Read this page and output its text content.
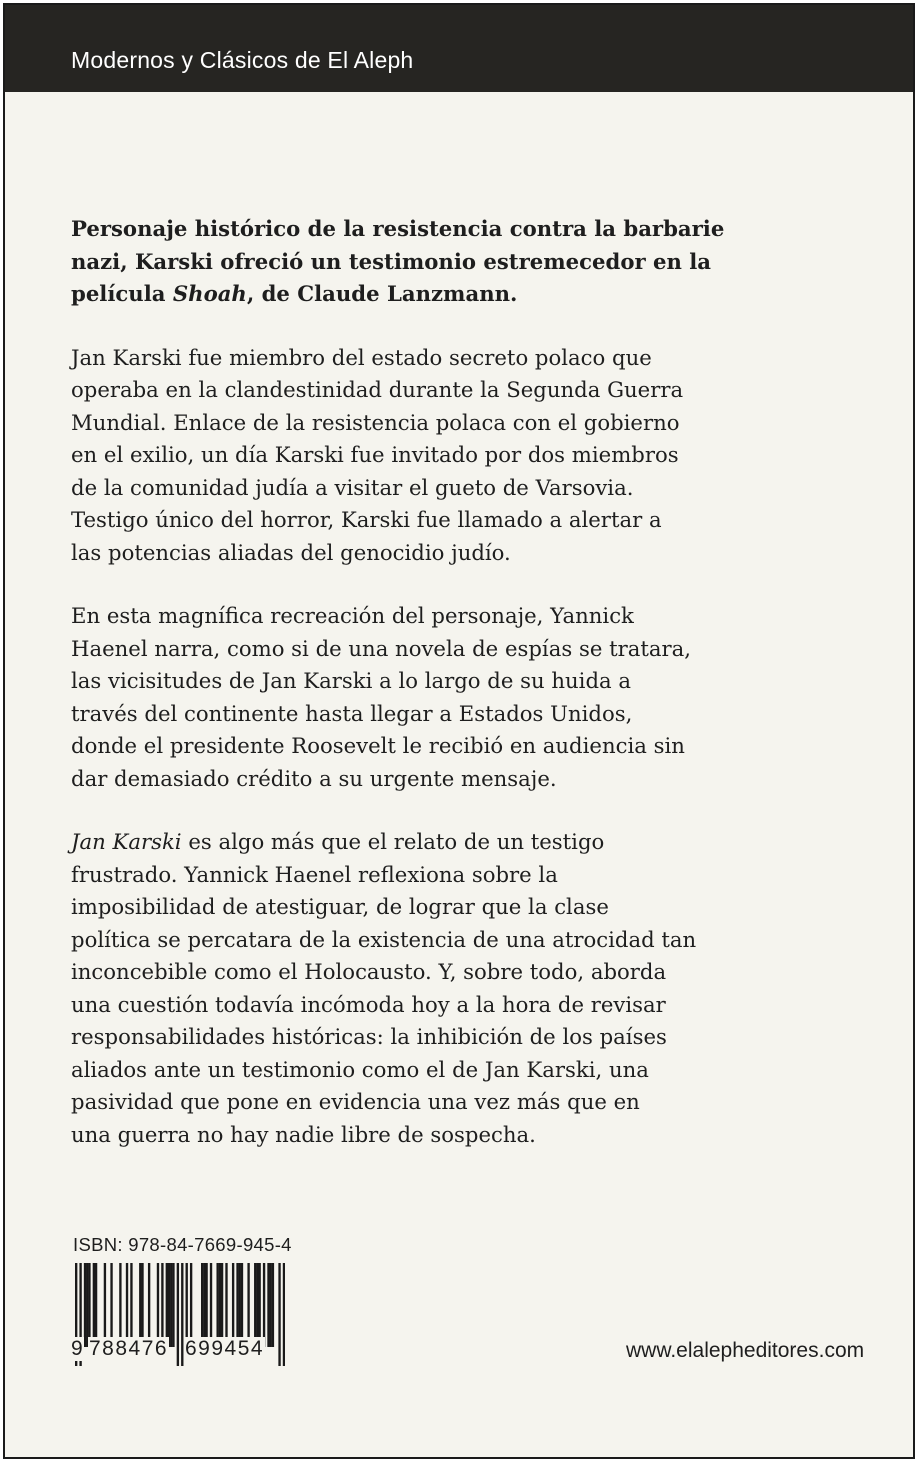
Modernos y Clásicos de El Aleph

Personaje histórico de la resistencia contra la barbarie
nazi, Karski ofreció un testimonio estremecedor en la
película Shoah, de Claude Lanzmann.

Jan Karski fue miembro del estado secreto polaco que
operaba en la clandestinidad durante la Segunda Guerra
Mundial. Enlace de la resistencia polaca con el gobierno
en el exilio, un día Karski fue invitado por dos miembros
de la comunidad judía a visitar el gueto de Varsovia.
Testigo único del horror, Karski fue llamado a alertar a
las potencias aliadas del genocidio judío.

En esta magnífica recreación del personaje, Yannick
Haenel narra, como si de una novela de espías se tratara,
las vicisitudes de Jan Karski a lo largo de su huida a
través del continente hasta llegar a Estados Unidos,
donde el presidente Roosevelt le recibió en audiencia sin
dar demasiado crédito a su urgente mensaje.

Jan Karski es algo más que el relato de un testigo
frustrado. Yannick Haenel reflexiona sobre la
imposibilidad de atestiguar, de lograr que la clase
política se percatara de la existencia de una atrocidad tan
inconcebible como el Holocausto. Y, sobre todo, aborda
una cuestión todavía incómoda hoy a la hora de revisar
responsabilidades históricas: la inhibición de los países
aliados ante un testimonio como el de Jan Karski, una
pasividad que pone en evidencia una vez más que en
una guerra no hay nadie libre de sospecha.

ISBN: 978-84-7669-945-4
9 788476 699454	www.elalepheditores.com
